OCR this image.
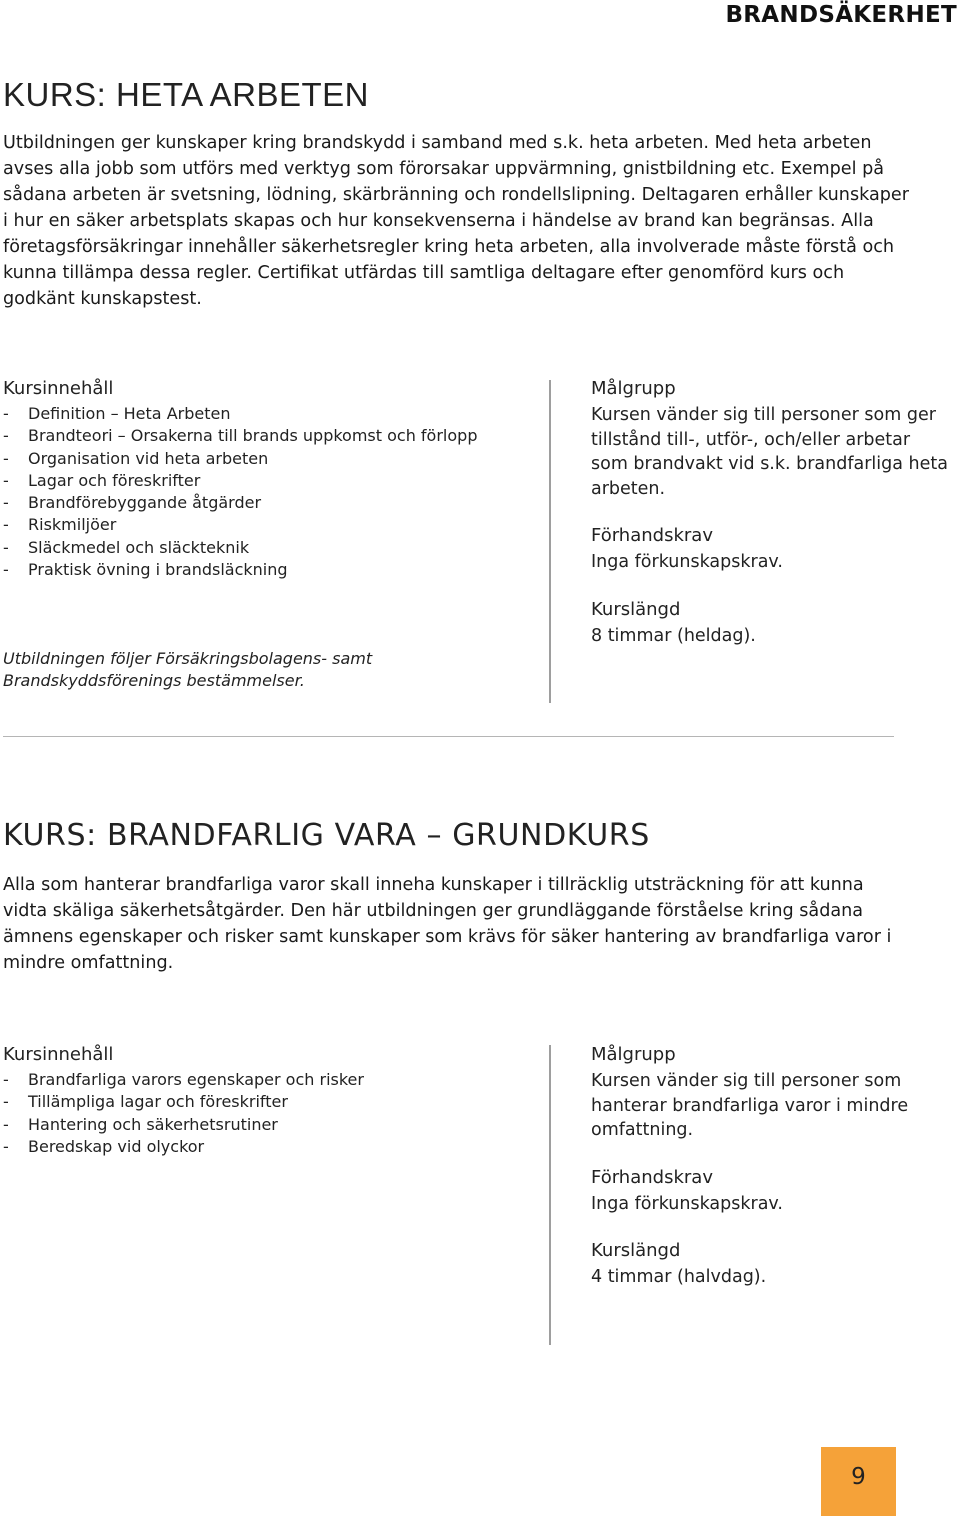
BRANDSÄKERHET
KURS: HETA ARBETEN

Utbildningen ger kunskaper kring brandskydd i samband med s.k. heta arbeten. Med heta arbeten avses alla jobb som utförs med verktyg som förorsakar uppvärmning, gnistbildning etc. Exempel på sådana arbeten är svetsning, lödning, skärbränning och rondellslipning. Deltagaren erhåller kunskaper i hur en säker arbetsplats skapas och hur konsekvenserna i händelse av brand kan begränsas. Alla företagsförsäkringar innehåller säkerhetsregler kring heta arbeten, alla involverade måste förstå och kunna tillämpa dessa regler. Certifikat utfärdas till samtliga deltagare efter genomförd kurs och godkänt kunskapstest.

Kursinnehåll
- Definition – Heta Arbeten
- Brandteori – Orsakerna till brands uppkomst och förlopp
- Organisation vid heta arbeten
- Lagar och föreskrifter
- Brandförebyggande åtgärder
- Riskmiljöer
- Släckmedel och släckteknik
- Praktisk övning i brandsläckning
Utbildningen följer Försäkringsbolagens- samt Brandskyddsförenings bestämmelser.
Målgrupp
Kursen vänder sig till personer som ger tillstånd till-, utför-, och/eller arbetar som brandvakt vid s.k. brandfarliga heta arbeten.
Förhandskrav
Inga förkunskapskrav.
Kurslängd
8 timmar (heldag).
KURS: BRANDFARLIG VARA – GRUNDKURS

Alla som hanterar brandfarliga varor skall inneha kunskaper i tillräcklig utsträckning för att kunna vidta skäliga säkerhetsåtgärder. Den här utbildningen ger grundläggande förståelse kring sådana ämnens egenskaper och risker samt kunskaper som krävs för säker hantering av brandfarliga varor i mindre omfattning.

Kursinnehåll
- Brandfarliga varors egenskaper och risker
- Tillämpliga lagar och föreskrifter
- Hantering och säkerhetsrutiner
- Beredskap vid olyckor
Målgrupp
Kursen vänder sig till personer som hanterar brandfarliga varor i mindre omfattning.
Förhandskrav
Inga förkunskapskrav.
Kurslängd
4 timmar (halvdag).
9
